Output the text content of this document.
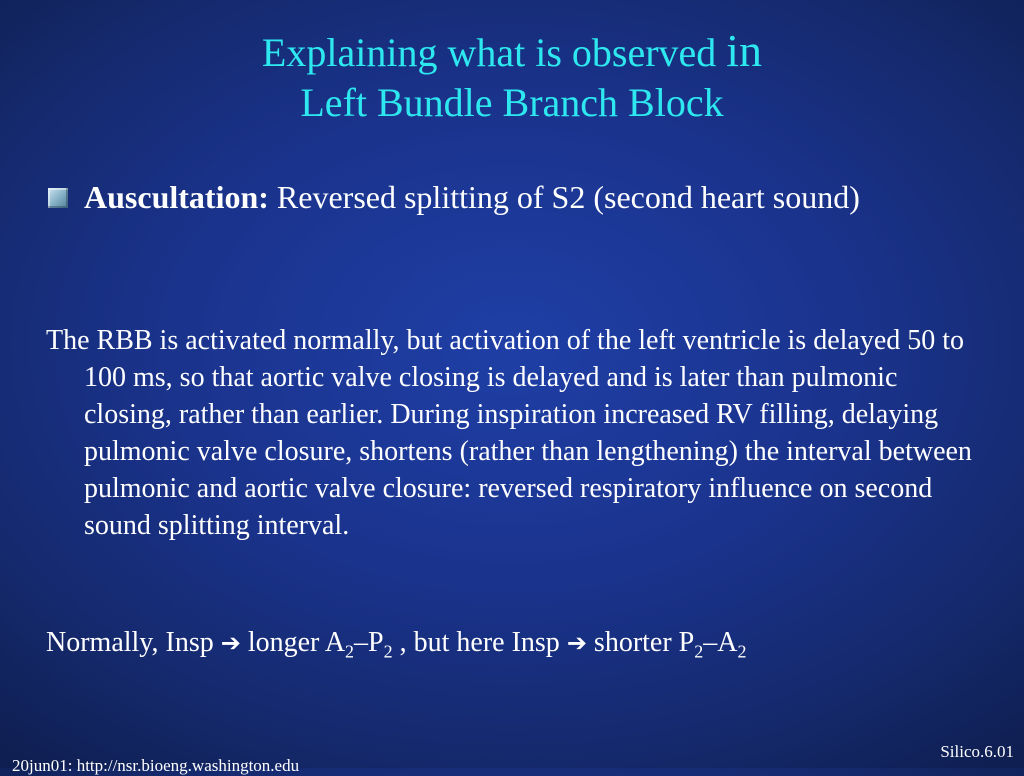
Explaining what is observed in
Left Bundle Branch Block
Auscultation: Reversed splitting of S2 (second heart sound)

The RBB is activated normally, but activation of the left ventricle is delayed 50 to 100 ms, so that aortic valve closing is delayed and is later than pulmonic closing, rather than earlier. During inspiration increased RV filling, delaying pulmonic valve closure, shortens (rather than lengthening) the interval between pulmonic and aortic valve closure: reversed respiratory influence on second sound splitting interval.

Normally, Insp ➔ longer $A_2-P_2$ , but here Insp ➔ shorter $P_2-A_2$

20jun01: http://nsr.bioeng.washington.edu
Silico.6.01
